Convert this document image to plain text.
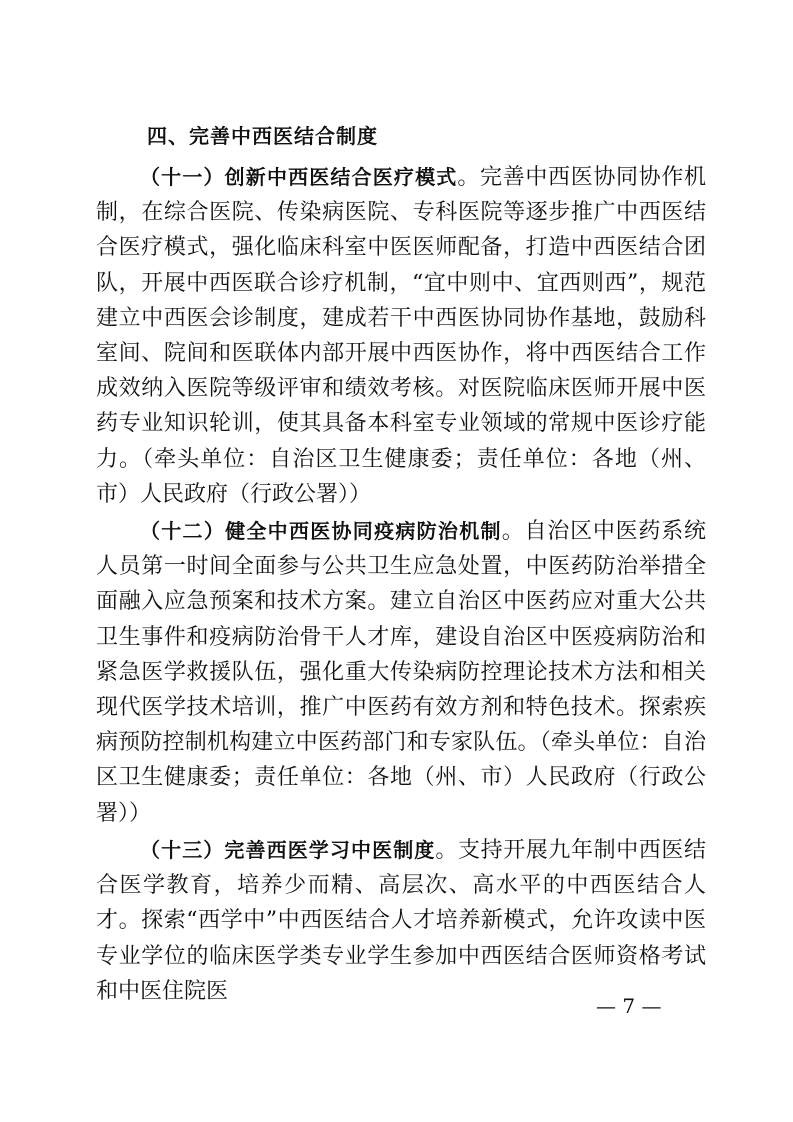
四、完善中西医结合制度

（十一）创新中西医结合医疗模式。完善中西医协同协作机制，在综合医院、传染病医院、专科医院等逐步推广中西医结合医疗模式，强化临床科室中医医师配备，打造中西医结合团队，开展中西医联合诊疗机制，“宜中则中、宜西则西”，规范建立中西医会诊制度，建成若干中西医协同协作基地，鼓励科室间、院间和医联体内部开展中西医协作，将中西医结合工作成效纳入医院等级评审和绩效考核。对医院临床医师开展中医药专业知识轮训，使其具备本科室专业领域的常规中医诊疗能力。（牵头单位：自治区卫生健康委；责任单位：各地（州、市）人民政府（行政公署））

（十二）健全中西医协同疫病防治机制。自治区中医药系统人员第一时间全面参与公共卫生应急处置，中医药防治举措全面融入应急预案和技术方案。建立自治区中医药应对重大公共卫生事件和疫病防治骨干人才库，建设自治区中医疫病防治和紧急医学救援队伍，强化重大传染病防控理论技术方法和相关现代医学技术培训，推广中医药有效方剂和特色技术。探索疾病预防控制机构建立中医药部门和专家队伍。（牵头单位：自治区卫生健康委；责任单位：各地（州、市）人民政府（行政公署））

（十三）完善西医学习中医制度。支持开展九年制中西医结合医学教育，培养少而精、高层次、高水平的中西医结合人才。探索“西学中”中西医结合人才培养新模式，允许攻读中医专业学位的临床医学类专业学生参加中西医结合医师资格考试和中医住院医

— 7 —
